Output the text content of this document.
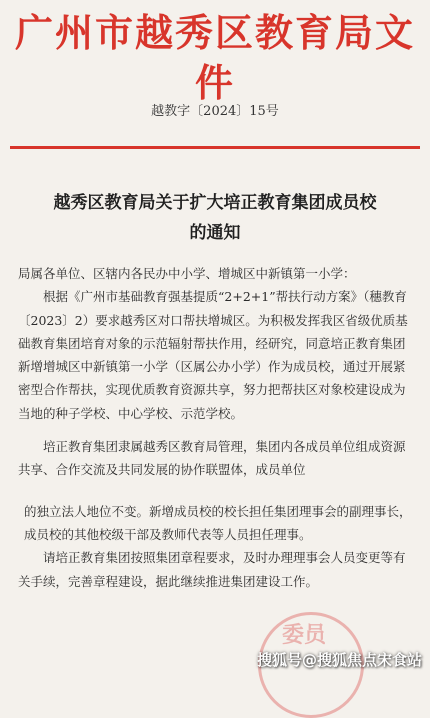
广州市越秀区教育局文件
越教字〔2024〕15号
越秀区教育局关于扩大培正教育集团成员校
的通知

局属各单位、区辖内各民办中小学、增城区中新镇第一小学：

根据《广州市基础教育强基提质“2+2+1”帮扶行动方案》（穗教育〔2023〕2）要求越秀区对口帮扶增城区。为积极发挥我区省级优质基础教育集团培育对象的示范辐射帮扶作用，经研究，同意培正教育集团新增增城区中新镇第一小学（区属公办小学）作为成员校，通过开展紧密型合作帮扶，实现优质教育资源共享，努力把帮扶区对象校建设成为当地的种子学校、中心学校、示范学校。

培正教育集团隶属越秀区教育局管理，集团内各成员单位组成资源共享、合作交流及共同发展的协作联盟体，成员单位

的独立法人地位不变。新增成员校的校长担任集团理事会的副理事长，成员校的其他校级干部及教师代表等人员担任理事。

请培正教育集团按照集团章程要求，及时办理理事会人员变更等有关手续，完善章程建设，据此继续推进集团建设工作。

委员
搜狐号@搜狐焦点宋食站
